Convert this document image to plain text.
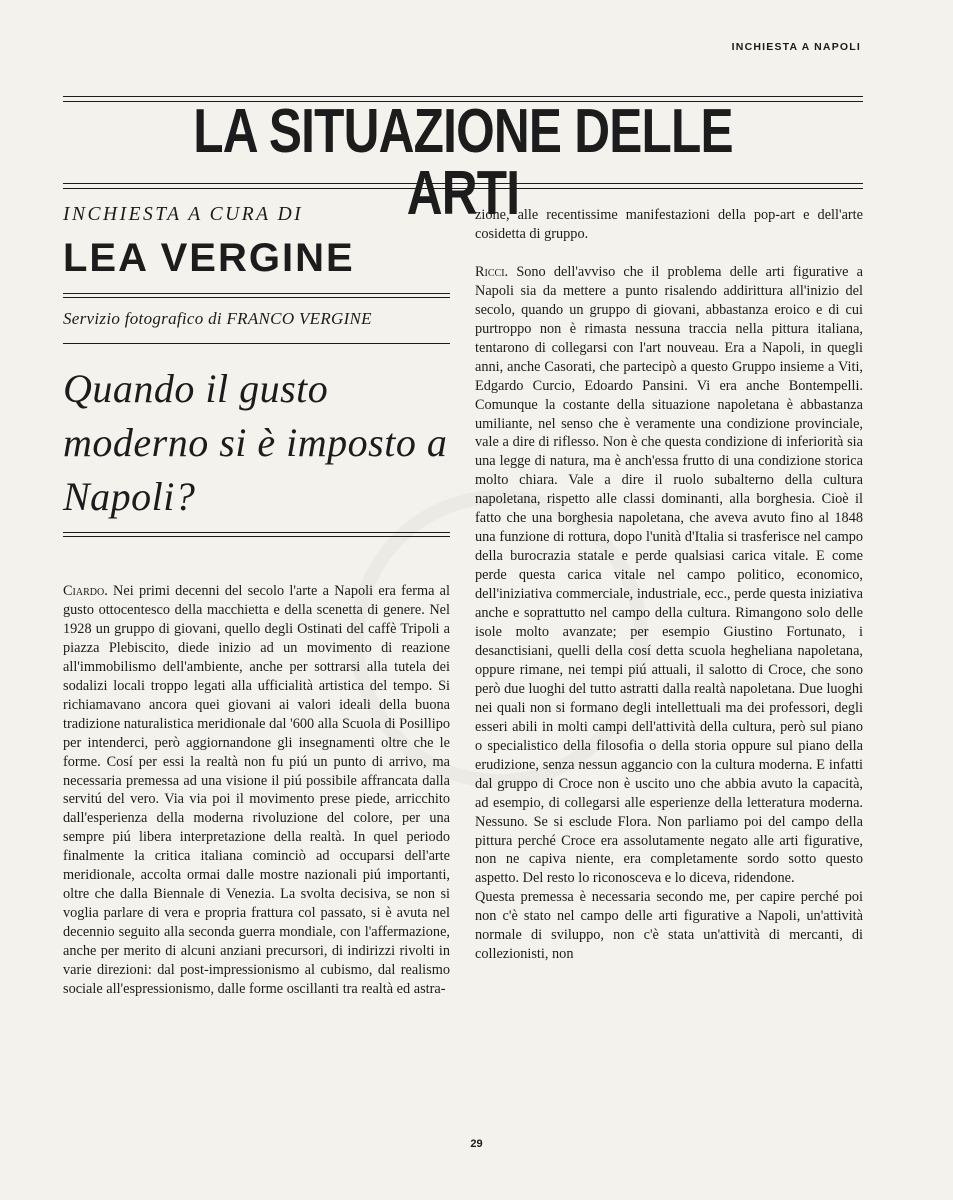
INCHIESTA A NAPOLI
LA SITUAZIONE DELLE ARTI
INCHIESTA A CURA DI
LEA VERGINE
Servizio fotografico di FRANCO VERGINE
Quando il gusto moderno si è imposto a Napoli?

Ciardo. Nei primi decenni del secolo l'arte a Napoli era ferma al gusto ottocentesco della macchietta e della scenetta di genere. Nel 1928 un gruppo di giovani, quello degli Ostinati del caffè Tripoli a piazza Plebiscito, diede inizio ad un movimento di reazione all'immobilismo dell'ambiente, anche per sottrarsi alla tutela dei sodalizi locali troppo legati alla ufficialità artistica del tempo. Si richiamavano ancora quei giovani ai valori ideali della buona tradizione naturalistica meridionale dal '600 alla Scuola di Posillipo per intenderci, però aggiornandone gli insegnamenti oltre che le forme. Cosí per essi la realtà non fu piú un punto di arrivo, ma necessaria premessa ad una visione il piú possibile affrancata dalla servitú del vero. Via via poi il movimento prese piede, arricchito dall'esperienza della moderna rivoluzione del colore, per una sempre piú libera interpretazione della realtà. In quel periodo finalmente la critica italiana cominciò ad occuparsi dell'arte meridionale, accolta ormai dalle mostre nazionali piú importanti, oltre che dalla Biennale di Venezia. La svolta decisiva, se non si voglia parlare di vera e propria frattura col passato, si è avuta nel decennio seguito alla seconda guerra mondiale, con l'affermazione, anche per merito di alcuni anziani precursori, di indirizzi rivolti in varie direzioni: dal post-impressionismo al cubismo, dal realismo sociale all'espressionismo, dalle forme oscillanti tra realtà ed astra-

zione, alle recentissime manifestazioni della pop-art e dell'arte cosidetta di gruppo.

Ricci. Sono dell'avviso che il problema delle arti figurative a Napoli sia da mettere a punto risalendo addirittura all'inizio del secolo, quando un gruppo di giovani, abbastanza eroico e di cui purtroppo non è rimasta nessuna traccia nella pittura italiana, tentarono di collegarsi con l'art nouveau. Era a Napoli, in quegli anni, anche Casorati, che partecipò a questo Gruppo insieme a Viti, Edgardo Curcio, Edoardo Pansini. Vi era anche Bontempelli. Comunque la costante della situazione napoletana è abbastanza umiliante, nel senso che è veramente una condizione provinciale, vale a dire di riflesso. Non è che questa condizione di inferiorità sia una legge di natura, ma è anch'essa frutto di una condizione storica molto chiara. Vale a dire il ruolo subalterno della cultura napoletana, rispetto alle classi dominanti, alla borghesia. Cioè il fatto che una borghesia napoletana, che aveva avuto fino al 1848 una funzione di rottura, dopo l'unità d'Italia si trasferisce nel campo della burocrazia statale e perde qualsiasi carica vitale. E come perde questa carica vitale nel campo politico, economico, dell'iniziativa commerciale, industriale, ecc., perde questa iniziativa anche e soprattutto nel campo della cultura. Rimangono solo delle isole molto avanzate; per esempio Giustino Fortunato, i desanctisiani, quelli della cosí detta scuola hegheliana napoletana, oppure rimane, nei tempi piú attuali, il salotto di Croce, che sono però due luoghi del tutto astratti dalla realtà napoletana. Due luoghi nei quali non si formano degli intellettuali ma dei professori, degli esseri abili in molti campi dell'attività della cultura, però sul piano o specialistico della filosofia o della storia oppure sul piano della erudizione, senza nessun aggancio con la cultura moderna. E infatti dal gruppo di Croce non è uscito uno che abbia avuto la capacità, ad esempio, di collegarsi alle esperienze della letteratura moderna. Nessuno. Se si esclude Flora. Non parliamo poi del campo della pittura perché Croce era assolutamente negato alle arti figurative, non ne capiva niente, era completamente sordo sotto questo aspetto. Del resto lo riconosceva e lo diceva, ridendone.

Questa premessa è necessaria secondo me, per capire perché poi non c'è stato nel campo delle arti figurative a Napoli, un'attività normale di sviluppo, non c'è stata un'attività di mercanti, di collezionisti, non

29
